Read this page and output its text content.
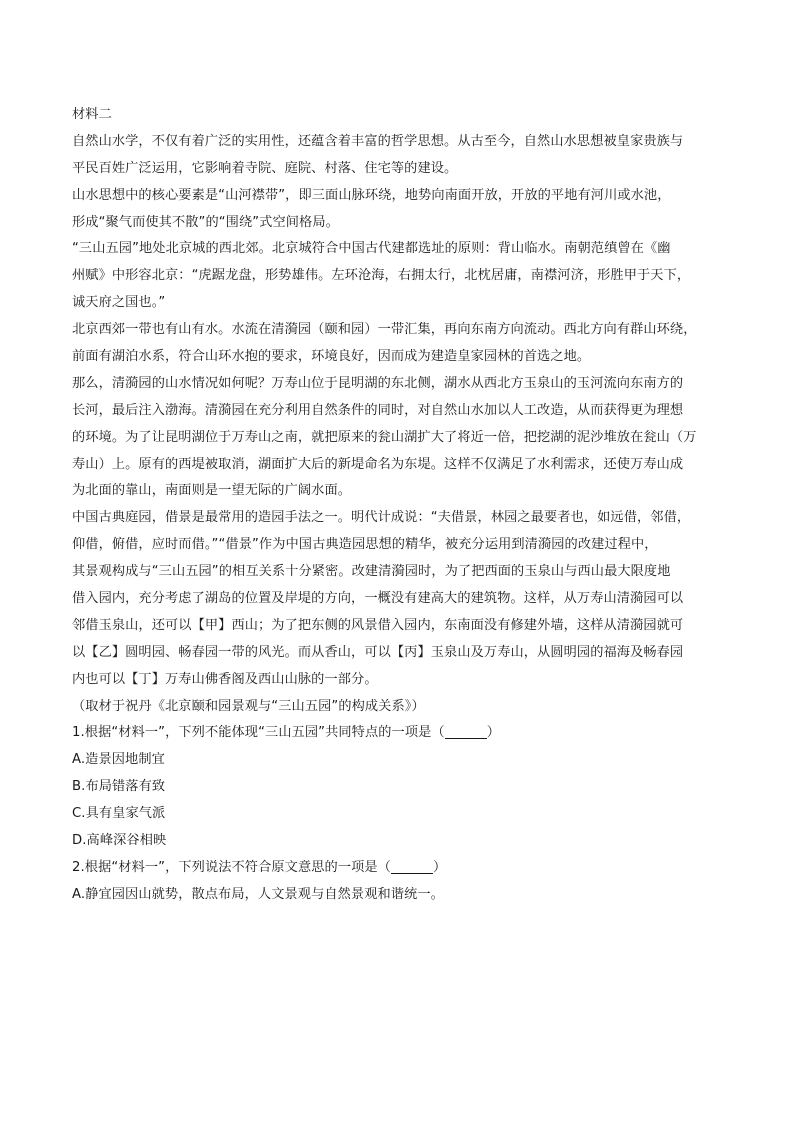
材料二
自然山水学，不仅有着广泛的实用性，还蕴含着丰富的哲学思想。从古至今，自然山水思想被皇家贵族与
平民百姓广泛运用，它影响着寺院、庭院、村落、住宅等的建设。
山水思想中的核心要素是“山河襟带”，即三面山脉环绕，地势向南面开放，开放的平地有河川或水池，
形成“聚气而使其不散”的“围绕”式空间格局。
“三山五园”地处北京城的西北郊。北京城符合中国古代建都选址的原则：背山临水。南朝范缜曾在《幽
州赋》中形容北京：“虎踞龙盘，形势雄伟。左环沧海，右拥太行，北枕居庸，南襟河济，形胜甲于天下，
诚天府之国也。”
北京西郊一带也有山有水。水流在清漪园（颐和园）一带汇集，再向东南方向流动。西北方向有群山环绕，
前面有湖泊水系，符合山环水抱的要求，环境良好，因而成为建造皇家园林的首选之地。
那么，清漪园的山水情况如何呢？万寿山位于昆明湖的东北侧，湖水从西北方玉泉山的玉河流向东南方的
长河，最后注入渤海。清漪园在充分利用自然条件的同时，对自然山水加以人工改造，从而获得更为理想
的环境。为了让昆明湖位于万寿山之南，就把原来的瓮山湖扩大了将近一倍，把挖湖的泥沙堆放在瓮山（万
寿山）上。原有的西堤被取消，湖面扩大后的新堤命名为东堤。这样不仅满足了水利需求，还使万寿山成
为北面的靠山，南面则是一望无际的广阔水面。
中国古典庭园，借景是最常用的造园手法之一。明代计成说：“夫借景，林园之最要者也，如远借，邻借，
仰借，俯借，应时而借。”“借景”作为中国古典造园思想的精华，被充分运用到清漪园的改建过程中，
其景观构成与“三山五园”的相互关系十分紧密。改建清漪园时，为了把西面的玉泉山与西山最大限度地
借入园内，充分考虑了湖岛的位置及岸堤的方向，一概没有建高大的建筑物。这样，从万寿山清漪园可以
邻借玉泉山，还可以【甲】西山；为了把东侧的风景借入园内，东南面没有修建外墙，这样从清漪园就可
以【乙】圆明园、畅春园一带的风光。而从香山，可以【丙】玉泉山及万寿山，从圆明园的福海及畅春园
内也可以【丁】万寿山佛香阁及西山山脉的一部分。
（取材于祝丹《北京颐和园景观与“三山五园”的构成关系》）
1.根据“材料一”，下列不能体现“三山五园”共同特点的一项是（	）
A.造景因地制宜
B.布局错落有致
C.具有皇家气派
D.高峰深谷相映
2.根据“材料一”，下列说法不符合原文意思的一项是（	）
A.静宜园因山就势，散点布局，人文景观与自然景观和谐统一。
